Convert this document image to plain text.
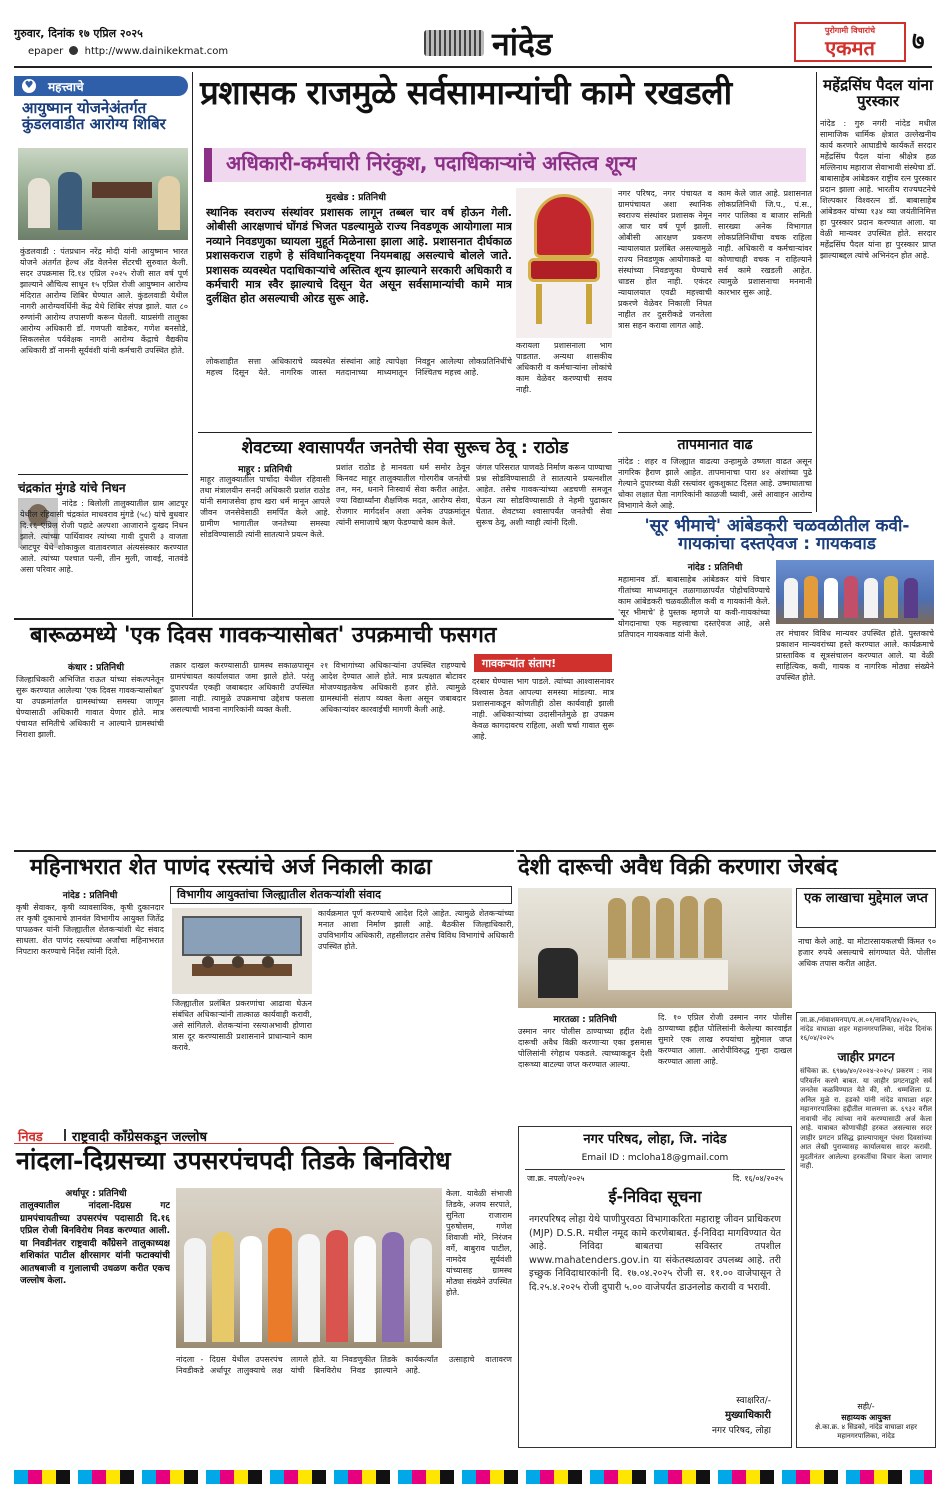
गुरुवार, दिनांक १७ एप्रिल २०२५
epaper http://www.dainikekmat.com	नांदेड	पुरोगामी विचारांचे
एकमत	७
♥ महत्त्वाचे
आयुष्मान योजनेअंतर्गत कुंडलवाडीत आरोग्य शिबिर
कुंडलवाडी : पंतप्रधान नरेंद्र मोदी यांनी आयुष्मान भारत योजने अंतर्गत हेल्थ अँड वेलनेस सेंटरची सुरुवात केली. सदर उपक्रमास दि.१४ एप्रिल २०२५ रोजी सात वर्ष पूर्ण झाल्याने औचित्य साधून १५ एप्रिल रोजी आयुष्मान आरोग्य मंदिरात आरोग्य शिबिर घेण्यात आले. कुंडलवाडी येथील नागरी आरोग्यवर्धिनी केंद्र येथे शिबिर संपन्न झाले. यात ८० रुग्णांनी आरोग्य तपासणी करून घेतली. याप्रसंगी तालुका आरोग्य अधिकारी डॉ. गणपती वाडेकर, गणेश बनसोडे, सिकलसेल पर्यवेक्षक नागरी आरोग्य केंद्राचे वैद्यकीय अधिकारी डॉ नामनी सूर्यवंशी यांनी कर्मचारी उपस्थित होते.
चंद्रकांत मुंगडे यांचे निधन
नांदेड : बिलोली तालुक्यातील ग्राम आटपूर येथील रहिवासी चंद्रकांत माधवराव मुंगडे (५८) यांचे बुधवार दि.१६ एप्रिल रोजी पहाटे अल्पशा आजाराने दुःखद निधन झाले. त्यांच्या पार्थिवावर त्यांच्या गावी दुपारी ३ वाजता आटपूर येथे शोकाकुल वातावरणात अंत्यसंस्कार करण्यात आले. त्यांच्या पश्चात पत्नी, तीन मुली, जावई, नातवंडे असा परिवार आहे.
प्रशासक राजमुळे सर्वसामान्यांची कामे रखडली
अधिकारी-कर्मचारी निरंकुश, पदाधिकाऱ्यांचे अस्तित्व शून्य
मुदखेड : प्रतिनिधी
स्थानिक स्वराज्य संस्थांवर प्रशासक लागून तब्बल चार वर्ष होऊन गेली. ओबीसी आरक्षणाचं घोंगडं भिजत पडल्यामुळे राज्य निवडणूक आयोगाला मात्र नव्याने निवडणुका घ्यायला मुहूर्त मिळेनासा झाला आहे. प्रशासनात दीर्घकाळ प्रशासकराज राहणे हे संविधानिकदृष्ट्या नियमबाह्य असल्याचे बोलले जाते. प्रशासक व्यवस्थेत पदाधिकाऱ्यांचे अस्तित्व शून्य झाल्याने सरकारी अधिकारी व कर्मचारी मात्र स्वैर झाल्याचे दिसून येत असून सर्वसामान्यांची कामे मात्र दुर्लक्षित होत असल्याची ओरड सुरू आहे.
करायला प्रशासनाला भाग पाडतात. अन्यथा शासकीय अधिकारी व कर्मचाऱ्यांना लोकांचे काम वेळेवर करण्याची सवय नाही.
लोकशाहीत सत्ता अधिकाराचे महत्त्व दिसून येते. नागरिक व्यवस्थेत संस्थांना आहे त्यापेक्षा जास्त मतदानाच्या माध्यमातून निवडून आलेल्या लोकप्रतिनिधींचे निश्चितच महत्त्व आहे.
नगर परिषद, नगर पंचायत व ग्रामपंचायत अशा स्थानिक स्वराज्य संस्थांवर प्रशासक नेमून आज चार वर्ष पूर्ण झाली. ओबीसी आरक्षण प्रकरण न्यायालयात प्रलंबित असल्यामुळे राज्य निवडणूक आयोगाकडे या संस्थांच्या निवडणुका घेण्याचे धाडस होत नाही. एकंदर न्यायालयात एवढी महत्त्वाची प्रकरणे वेळेवर निकाली निघत नाहीत तर दुसरीकडे जनतेला त्रास सहन करावा लागत आहे.
काम केले जात आहे. प्रशासनात लोकप्रतिनिधी जि.प., पं.स., नगर पालिका व बाजार समिती सारख्या अनेक विभागात लोकप्रतिनिधींचा वचक राहिला नाही. अधिकारी व कर्मचाऱ्यांवर कोणाचाही वचक न राहिल्याने सर्व कामे रखडली आहेत. त्यामुळे प्रशासनाचा मनमानी कारभार सुरू आहे.
तापमानात वाढ
नांदेड : शहर व जिल्ह्यात वाढत्या उन्हामुळे उष्णता वाढत असून नागरिक हैराण झाले आहेत. तापमानाचा पारा ४२ अंशांच्या पुढे गेल्याने दुपारच्या वेळी रस्त्यांवर शुकशुकाट दिसत आहे. उष्माघाताचा धोका लक्षात घेता नागरिकांनी काळजी घ्यावी, असे आवाहन आरोग्य विभागाने केले आहे.
शेवटच्या श्वासापर्यंत जनतेची सेवा सुरूच ठेवू : राठोड
माहूर : प्रतिनिधी
माहूर तालुक्यातील पाचोंदा येथील रहिवासी तथा मंत्रालयीन सनदी अधिकारी प्रशांत राठोड यांनी समाजसेवा हाच खरा धर्म मानून आपले जीवन जनसेवेसाठी समर्पित केले आहे. ग्रामीण भागातील जनतेच्या समस्या सोडविण्यासाठी त्यांनी सातत्याने प्रयत्न केले.
प्रशांत राठोड हे मानवता धर्म समोर ठेवून किनवट माहूर तालुक्यातील गोरगरीब जनतेची तन, मन, धनाने निःस्वार्थ सेवा करीत आहेत. ज्या विद्यार्थ्यांना शैक्षणिक मदत, आरोग्य सेवा, रोजगार मार्गदर्शन अशा अनेक उपक्रमांतून त्यांनी समाजाचे ऋण फेडण्याचे काम केले.
जंगल परिसरात पाणवठे निर्माण करून पाण्याचा प्रश्न सोडविण्यासाठी ते सातत्याने प्रयत्नशील आहेत. तसेच गावकऱ्यांच्या अडचणी समजून घेऊन त्या सोडविण्यासाठी ते नेहमी पुढाकार घेतात. शेवटच्या श्वासापर्यंत जनतेची सेवा सुरूच ठेवू, अशी ग्वाही त्यांनी दिली.	'सूर भीमाचे' आंबेडकरी चळवळीतील कवी-गायकांचा दस्तऐवज : गायकवाड
नांदेड : प्रतिनिधी
महामानव डॉ. बाबासाहेब आंबेडकर यांचे विचार गीतांच्या माध्यमातून तळागाळापर्यंत पोहोचविण्याचे काम आंबेडकरी चळवळीतील कवी व गायकांनी केले. 'सूर भीमाचे' हे पुस्तक म्हणजे या कवी-गायकांच्या योगदानाचा एक महत्त्वाचा दस्तऐवज आहे, असे प्रतिपादन गायकवाड यांनी केले.	तर मंचावर विविध मान्यवर उपस्थित होते. पुस्तकाचे प्रकाशन मान्यवरांच्या हस्ते करण्यात आले. कार्यक्रमाचे प्रास्ताविक व सूत्रसंचालन करण्यात आले. या वेळी साहित्यिक, कवी, गायक व नागरिक मोठ्या संख्येने उपस्थित होते.
महेंद्रसिंघ पैदल यांना पुरस्कार
नांदेड : गुरु नगरी नांदेड मधील सामाजिक धार्मिक क्षेत्रात उल्लेखनीय कार्य करणारे आघाडीचे कार्यकर्ते सरदार महेंद्रसिंघ पैदल यांना श्रीक्षेत्र हळ मल्लिनाथ महाराज सेवाभावी संस्थेचा डॉ. बाबासाहेब आंबेडकर राष्ट्रीय रत्न पुरस्कार प्रदान झाला आहे. भारतीय राज्यघटनेचे शिल्पकार विश्वरत्न डॉ. बाबासाहेब आंबेडकर यांच्या १३४ व्या जयंतीनिमित्त हा पुरस्कार प्रदान करण्यात आला. या वेळी मान्यवर उपस्थित होते. सरदार महेंद्रसिंघ पैदल यांना हा पुरस्कार प्राप्त झाल्याबद्दल त्यांचे अभिनंदन होत आहे.
बारूळमध्ये 'एक दिवस गावकऱ्यासोबत' उपक्रमाची फसगत
गावकऱ्यांत संताप!
कंधार : प्रतिनिधी
जिल्हाधिकारी अभिजित राऊत यांच्या संकल्पनेतून सुरू करण्यात आलेल्या 'एक दिवस गावकऱ्यासोबत' या उपक्रमांतर्गत ग्रामस्थांच्या समस्या जाणून घेण्यासाठी अधिकारी गावात येणार होते. मात्र पंचायत समितीचे अधिकारी न आल्याने ग्रामस्थांची निराशा झाली.
तक्रार दाखल करण्यासाठी ग्रामस्थ सकाळपासून ग्रामपंचायत कार्यालयात जमा झाले होते. परंतु दुपारपर्यंत एकही जबाबदार अधिकारी उपस्थित झाला नाही. त्यामुळे उपक्रमाचा उद्देशच फसला असल्याची भावना नागरिकांनी व्यक्त केली.
२१ विभागांच्या अधिकाऱ्यांना उपस्थित राहण्याचे आदेश देण्यात आले होते. मात्र प्रत्यक्षात बोटावर मोजण्याइतकेच अधिकारी हजर होते. त्यामुळे ग्रामस्थांनी संताप व्यक्त केला असून जबाबदार अधिकाऱ्यांवर कारवाईची मागणी केली आहे.
दरबार घेण्यास भाग पाडले. त्यांच्या आश्वासनावर विश्वास ठेवत आपल्या समस्या मांडल्या. मात्र प्रशासनाकडून कोणतीही ठोस कार्यवाही झाली नाही. अधिकाऱ्यांच्या उदासीनतेमुळे हा उपक्रम केवळ कागदावरच राहिला, अशी चर्चा गावात सुरू आहे.
महिनाभरात शेत पाणंद रस्त्यांचे अर्ज निकाली काढा
नांदेड : प्रतिनिधी
कृषी सेवाकर, कृषी व्यावसायिक, कृषी दुकानदार तर कृषी दुकानाचे ज्ञानवंत विभागीय आयुक्त जितेंद्र पापळकर यांनी जिल्ह्यातील शेतकऱ्यांशी थेट संवाद साधला. शेत पाणंद रस्त्यांच्या अर्जांचा महिनाभरात निपटारा करण्याचे निर्देश त्यांनी दिले.
विभागीय आयुक्तांचा जिल्ह्यातील शेतकऱ्यांशी संवाद
जिल्ह्यातील प्रलंबित प्रकरणांचा आढावा घेऊन संबंधित अधिकाऱ्यांनी तात्काळ कार्यवाही करावी, असे सांगितले. शेतकऱ्यांना रस्त्याअभावी होणारा त्रास दूर करण्यासाठी प्रशासनाने प्राधान्याने काम करावे.
कार्यक्रमात पूर्ण करण्याचे आदेश दिले आहेत. त्यामुळे शेतकऱ्यांच्या मनात आशा निर्माण झाली आहे. बैठकीस जिल्हाधिकारी, उपविभागीय अधिकारी, तहसीलदार तसेच विविध विभागांचे अधिकारी उपस्थित होते.
देशी दारूची अवैध विक्री करणारा जेरबंद
एक लाखाचा मुद्देमाल जप्त
नाचा केले आहे. या मोटारसायकलची किंमत ९० हजार रुपये असल्याचे सांगण्यात येते. पोलीस अधिक तपास करीत आहेत.
मारतळा : प्रतिनिधी
उस्मान नगर पोलीस ठाण्याच्या हद्दीत देशी दारूची अवैध विक्री करणाऱ्या एका इसमास पोलिसांनी रंगेहाथ पकडले. त्याच्याकडून देशी दारूच्या बाटल्या जप्त करण्यात आल्या.
दि. १० एप्रिल रोजी उस्मान नगर पोलीस ठाण्याच्या हद्दीत पोलिसांनी केलेल्या कारवाईत सुमारे एक लाख रुपयांचा मुद्देमाल जप्त करण्यात आला. आरोपीविरुद्ध गुन्हा दाखल करण्यात आला आहे.
जा.क्र./नांवाशमनपा/प.अ.०१/नावनि/४४/२०२५, नांदेड वाघाळा शहर महानगरपालिका, नांदेड दिनांक १६/०४/२०२५
जाहीर प्रगटन
संचिका क्र. ६९७७/४०/२०२४-२०२५/ प्रकरण : नाव परिवर्तन करणे बाबत. या जाहीर प्रगटनाद्वारे सर्व जनतेस कळविण्यात येते की, सौ. धम्मशिला प्र. अनिल मुळे रा. हडको यांनी नांदेड वाघाळा शहर महानगरपालिका हद्दीतील मालमत्ता क्र. ६९३२ वरील नावाची नोंद त्यांच्या नावे करण्यासाठी अर्ज केला आहे. याबाबत कोणाचीही हरकत असल्यास सदर जाहीर प्रगटन प्रसिद्ध झाल्यापासून पंधरा दिवसांच्या आत लेखी पुराव्यासह कार्यालयास सादर करावी. मुदतीनंतर आलेल्या हरकतींचा विचार केला जाणार नाही.
सही/-
सहाय्यक आयुक्त
क्षे.का.क्र. ४ सिडको, नांदेड वाघाळा शहर महानगरपालिका, नांदेड
निवड राष्ट्रवादी काँग्रेसकडून जल्लोष
नांदला-दिग्रसच्या उपसरपंचपदी तिडके बिनविरोध
अर्धापूर : प्रतिनिधी
तालुक्यातील नांदला-दिग्रस गट ग्रामपंचायतीच्या उपसरपंच पदासाठी दि.१६ एप्रिल रोजी बिनविरोध निवड करण्यात आली. या निवडीनंतर राष्ट्रवादी काँग्रेसने तालुकाध्यक्ष शशिकांत पाटील क्षीरसागर यांनी फटाक्यांची आतषबाजी व गुलालाची उधळण करीत एकच जल्लोष केला.
केला. यावेळी संभाजी तिडके, अजय सरपाते, सुनिता राजाराम पुरुषोत्तम, गणेश शिवाजी मोरे, निरंजन वर्गे, बाबुराव पाटील, नामदेव सूर्यवंशी यांच्यासह ग्रामस्थ मोठ्या संख्येने उपस्थित होते.
नांदला - दिग्रस येथील उपसरपंच निवडीकडे अर्धापूर तालुक्याचे लक्ष लागले होते. या निवडणुकीत तिडके यांची बिनविरोध निवड झाल्याने कार्यकर्त्यांत उत्साहाचे वातावरण आहे.
नगर परिषद, लोहा, जि. नांदेड
Email ID : mcloha18@gmail.com
जा.क्र. नपलो/२०२५	दि. १६/०४/२०२५
ई-निविदा सूचना
नगरपरिषद लोहा येथे पाणीपुरवठा विभागाकरिता महाराष्ट्र जीवन प्राधिकरण (MJP) D.S.R. मधील नमूद कामे करणेबाबत. ई-निविदा मागविण्यात येत आहे. निविदा बाबतचा सविस्तर तपशील www.mahatenders.gov.in या संकेतस्थळावर उपलब्ध आहे. तरी इच्छुक निविदाधारकांनी दि. १७.०४.२०२५ रोजी स. ११.०० वाजेपासून ते दि.२५.४.२०२५ रोजी दुपारी ५.०० वाजेपर्यंत डाउनलोड करावी व भरावी.
स्वाक्षरित/-
मुख्याधिकारी
नगर परिषद, लोहा
